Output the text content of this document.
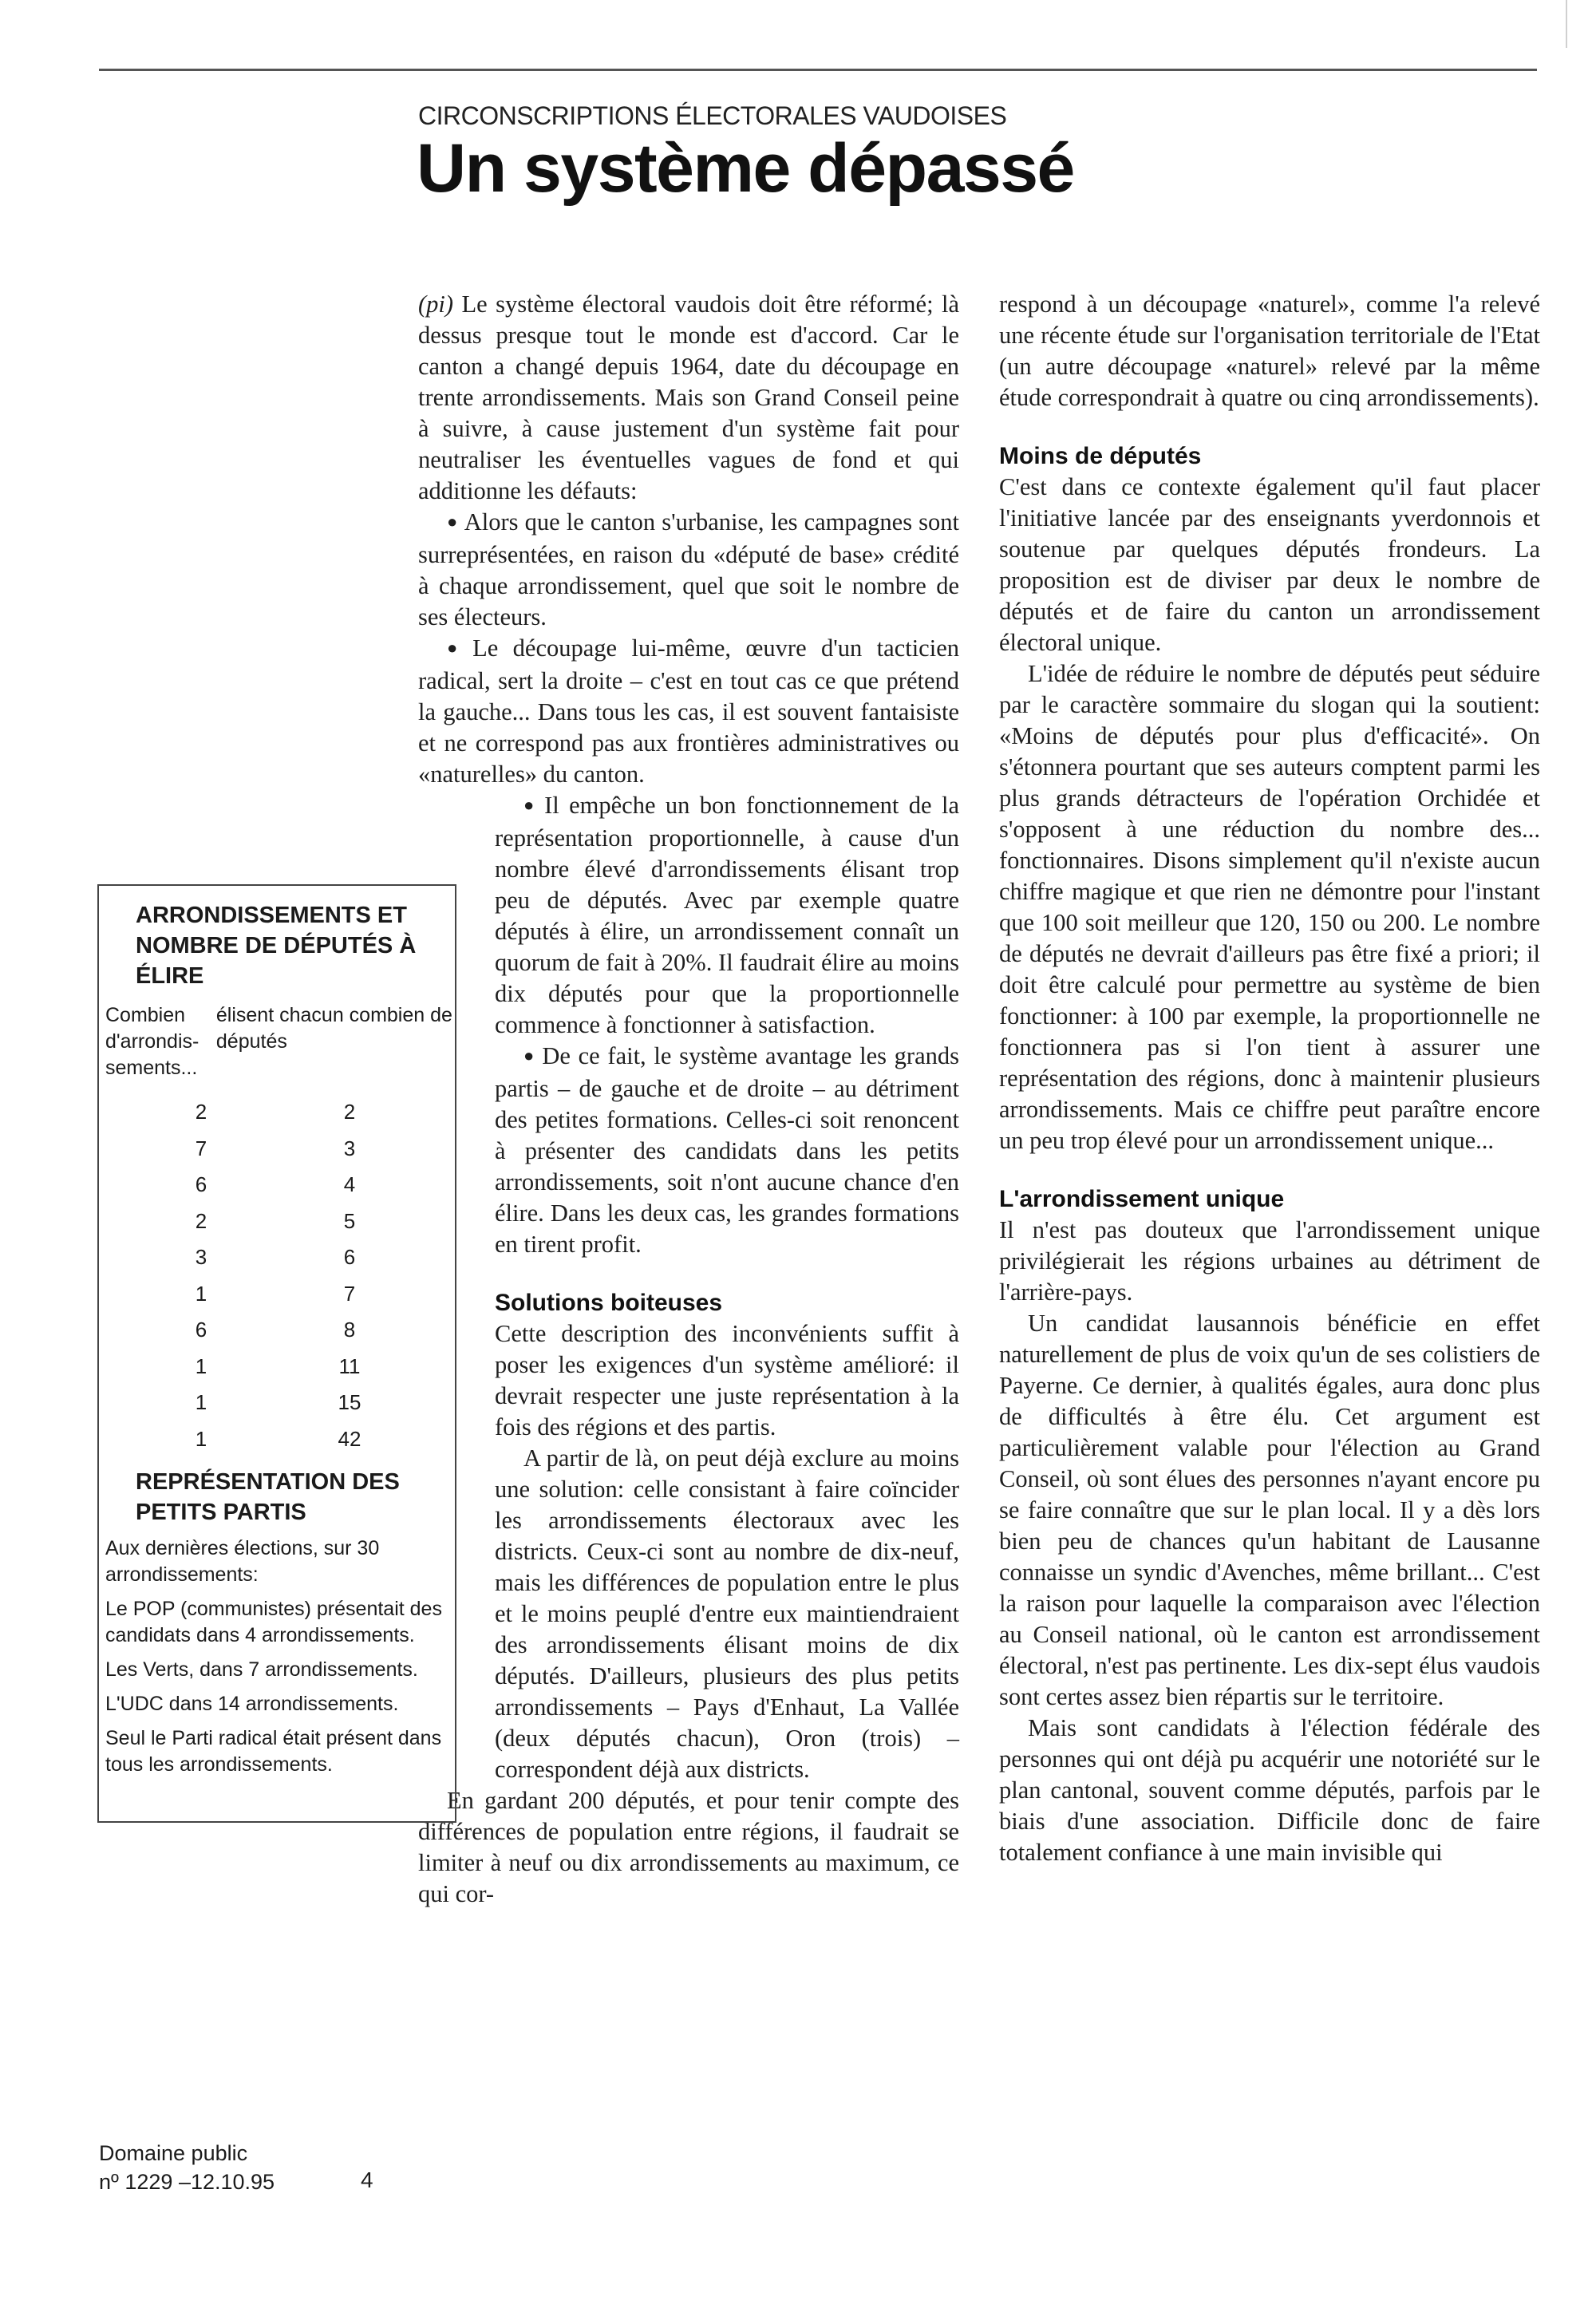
CIRCONSCRIPTIONS ÉLECTORALES VAUDOISES
Un système dépassé

(pi) Le système électoral vaudois doit être réformé; là dessus presque tout le monde est d'accord. Car le canton a changé depuis 1964, date du découpage en trente arrondissements. Mais son Grand Conseil peine à suivre, à cause justement d'un système fait pour neutraliser les éventuelles vagues de fond et qui additionne les défauts:

● Alors que le canton s'urbanise, les campagnes sont surreprésentées, en raison du «député de base» crédité à chaque arrondissement, quel que soit le nombre de ses électeurs.

● Le découpage lui-même, œuvre d'un tacticien radical, sert la droite – c'est en tout cas ce que prétend la gauche... Dans tous les cas, il est souvent fantaisiste et ne correspond pas aux frontières administratives ou «naturelles» du canton.

● Il empêche un bon fonctionnement de la représentation proportionnelle, à cause d'un nombre élevé d'arrondissements élisant trop peu de députés. Avec par exemple quatre députés à élire, un arrondissement connaît un quorum de fait à 20%. Il faudrait élire au moins dix députés pour que la proportionnelle commence à fonctionner à satisfaction.

● De ce fait, le système avantage les grands partis – de gauche et de droite – au détriment des petites formations. Celles-ci soit renoncent à présenter des candidats dans les petits arrondissements, soit n'ont aucune chance d'en élire. Dans les deux cas, les grandes formations en tirent profit.

Solutions boiteuses

Cette description des inconvénients suffit à poser les exigences d'un système amélioré: il devrait respecter une juste représentation à la fois des régions et des partis.

A partir de là, on peut déjà exclure au moins une solution: celle consistant à faire coïncider les arrondissements électoraux avec les districts. Ceux-ci sont au nombre de dix-neuf, mais les différences de population entre le plus et le moins peuplé d'entre eux maintiendraient des arrondissements élisant moins de dix députés. D'ailleurs, plusieurs des plus petits arrondissements – Pays d'Enhaut, La Vallée (deux députés chacun), Oron (trois) – correspondent déjà aux districts.

En gardant 200 députés, et pour tenir compte des différences de population entre régions, il faudrait se limiter à neuf ou dix arrondissements au maximum, ce qui cor-

respond à un découpage «naturel», comme l'a relevé une récente étude sur l'organisation territoriale de l'Etat (un autre découpage «naturel» relevé par la même étude correspondrait à quatre ou cinq arrondissements).

Moins de députés

C'est dans ce contexte également qu'il faut placer l'initiative lancée par des enseignants yverdonnois et soutenue par quelques députés frondeurs. La proposition est de diviser par deux le nombre de députés et de faire du canton un arrondissement électoral unique.

L'idée de réduire le nombre de députés peut séduire par le caractère sommaire du slogan qui la soutient: «Moins de députés pour plus d'efficacité». On s'étonnera pourtant que ses auteurs comptent parmi les plus grands détracteurs de l'opération Orchidée et s'opposent à une réduction du nombre des... fonctionnaires. Disons simplement qu'il n'existe aucun chiffre magique et que rien ne démontre pour l'instant que 100 soit meilleur que 120, 150 ou 200. Le nombre de députés ne devrait d'ailleurs pas être fixé a priori; il doit être calculé pour permettre au système de bien fonctionner: à 100 par exemple, la proportionnelle ne fonctionnera pas si l'on tient à assurer une représentation des régions, donc à maintenir plusieurs arrondissements. Mais ce chiffre peut paraître encore un peu trop élevé pour un arrondissement unique...

L'arrondissement unique

Il n'est pas douteux que l'arrondissement unique privilégierait les régions urbaines au détriment de l'arrière-pays.

Un candidat lausannois bénéficie en effet naturellement de plus de voix qu'un de ses colistiers de Payerne. Ce dernier, à qualités égales, aura donc plus de difficultés à être élu. Cet argument est particulièrement valable pour l'élection au Grand Conseil, où sont élues des personnes n'ayant encore pu se faire connaître que sur le plan local. Il y a dès lors bien peu de chances qu'un habitant de Lausanne connaisse un syndic d'Avenches, même brillant... C'est la raison pour laquelle la comparaison avec l'élection au Conseil national, où le canton est arrondissement électoral, n'est pas pertinente. Les dix-sept élus vaudois sont certes assez bien répartis sur le territoire.

Mais sont candidats à l'élection fédérale des personnes qui ont déjà pu acquérir une notoriété sur le plan cantonal, souvent comme députés, parfois par le biais d'une association. Difficile donc de faire totalement confiance à une main invisible qui

ARRONDISSEMENTS ET NOMBRE DE DÉPUTÉS À ÉLIRE
Combien d'arrondis-sements...
élisent chacun combien de députés
2	2
7	3
6	4
2	5
3	6
1	7
6	8
1	11
1	15
1	42
REPRÉSENTATION DES PETITS PARTIS

Aux dernières élections, sur 30 arrondissements:

Le POP (communistes) présentait des candidats dans 4 arrondissements.

Les Verts, dans 7 arrondissements.

L'UDC dans 14 arrondissements.

Seul le Parti radical était présent dans tous les arrondissements.

Domaine public
nº 1229 –12.10.95	4
